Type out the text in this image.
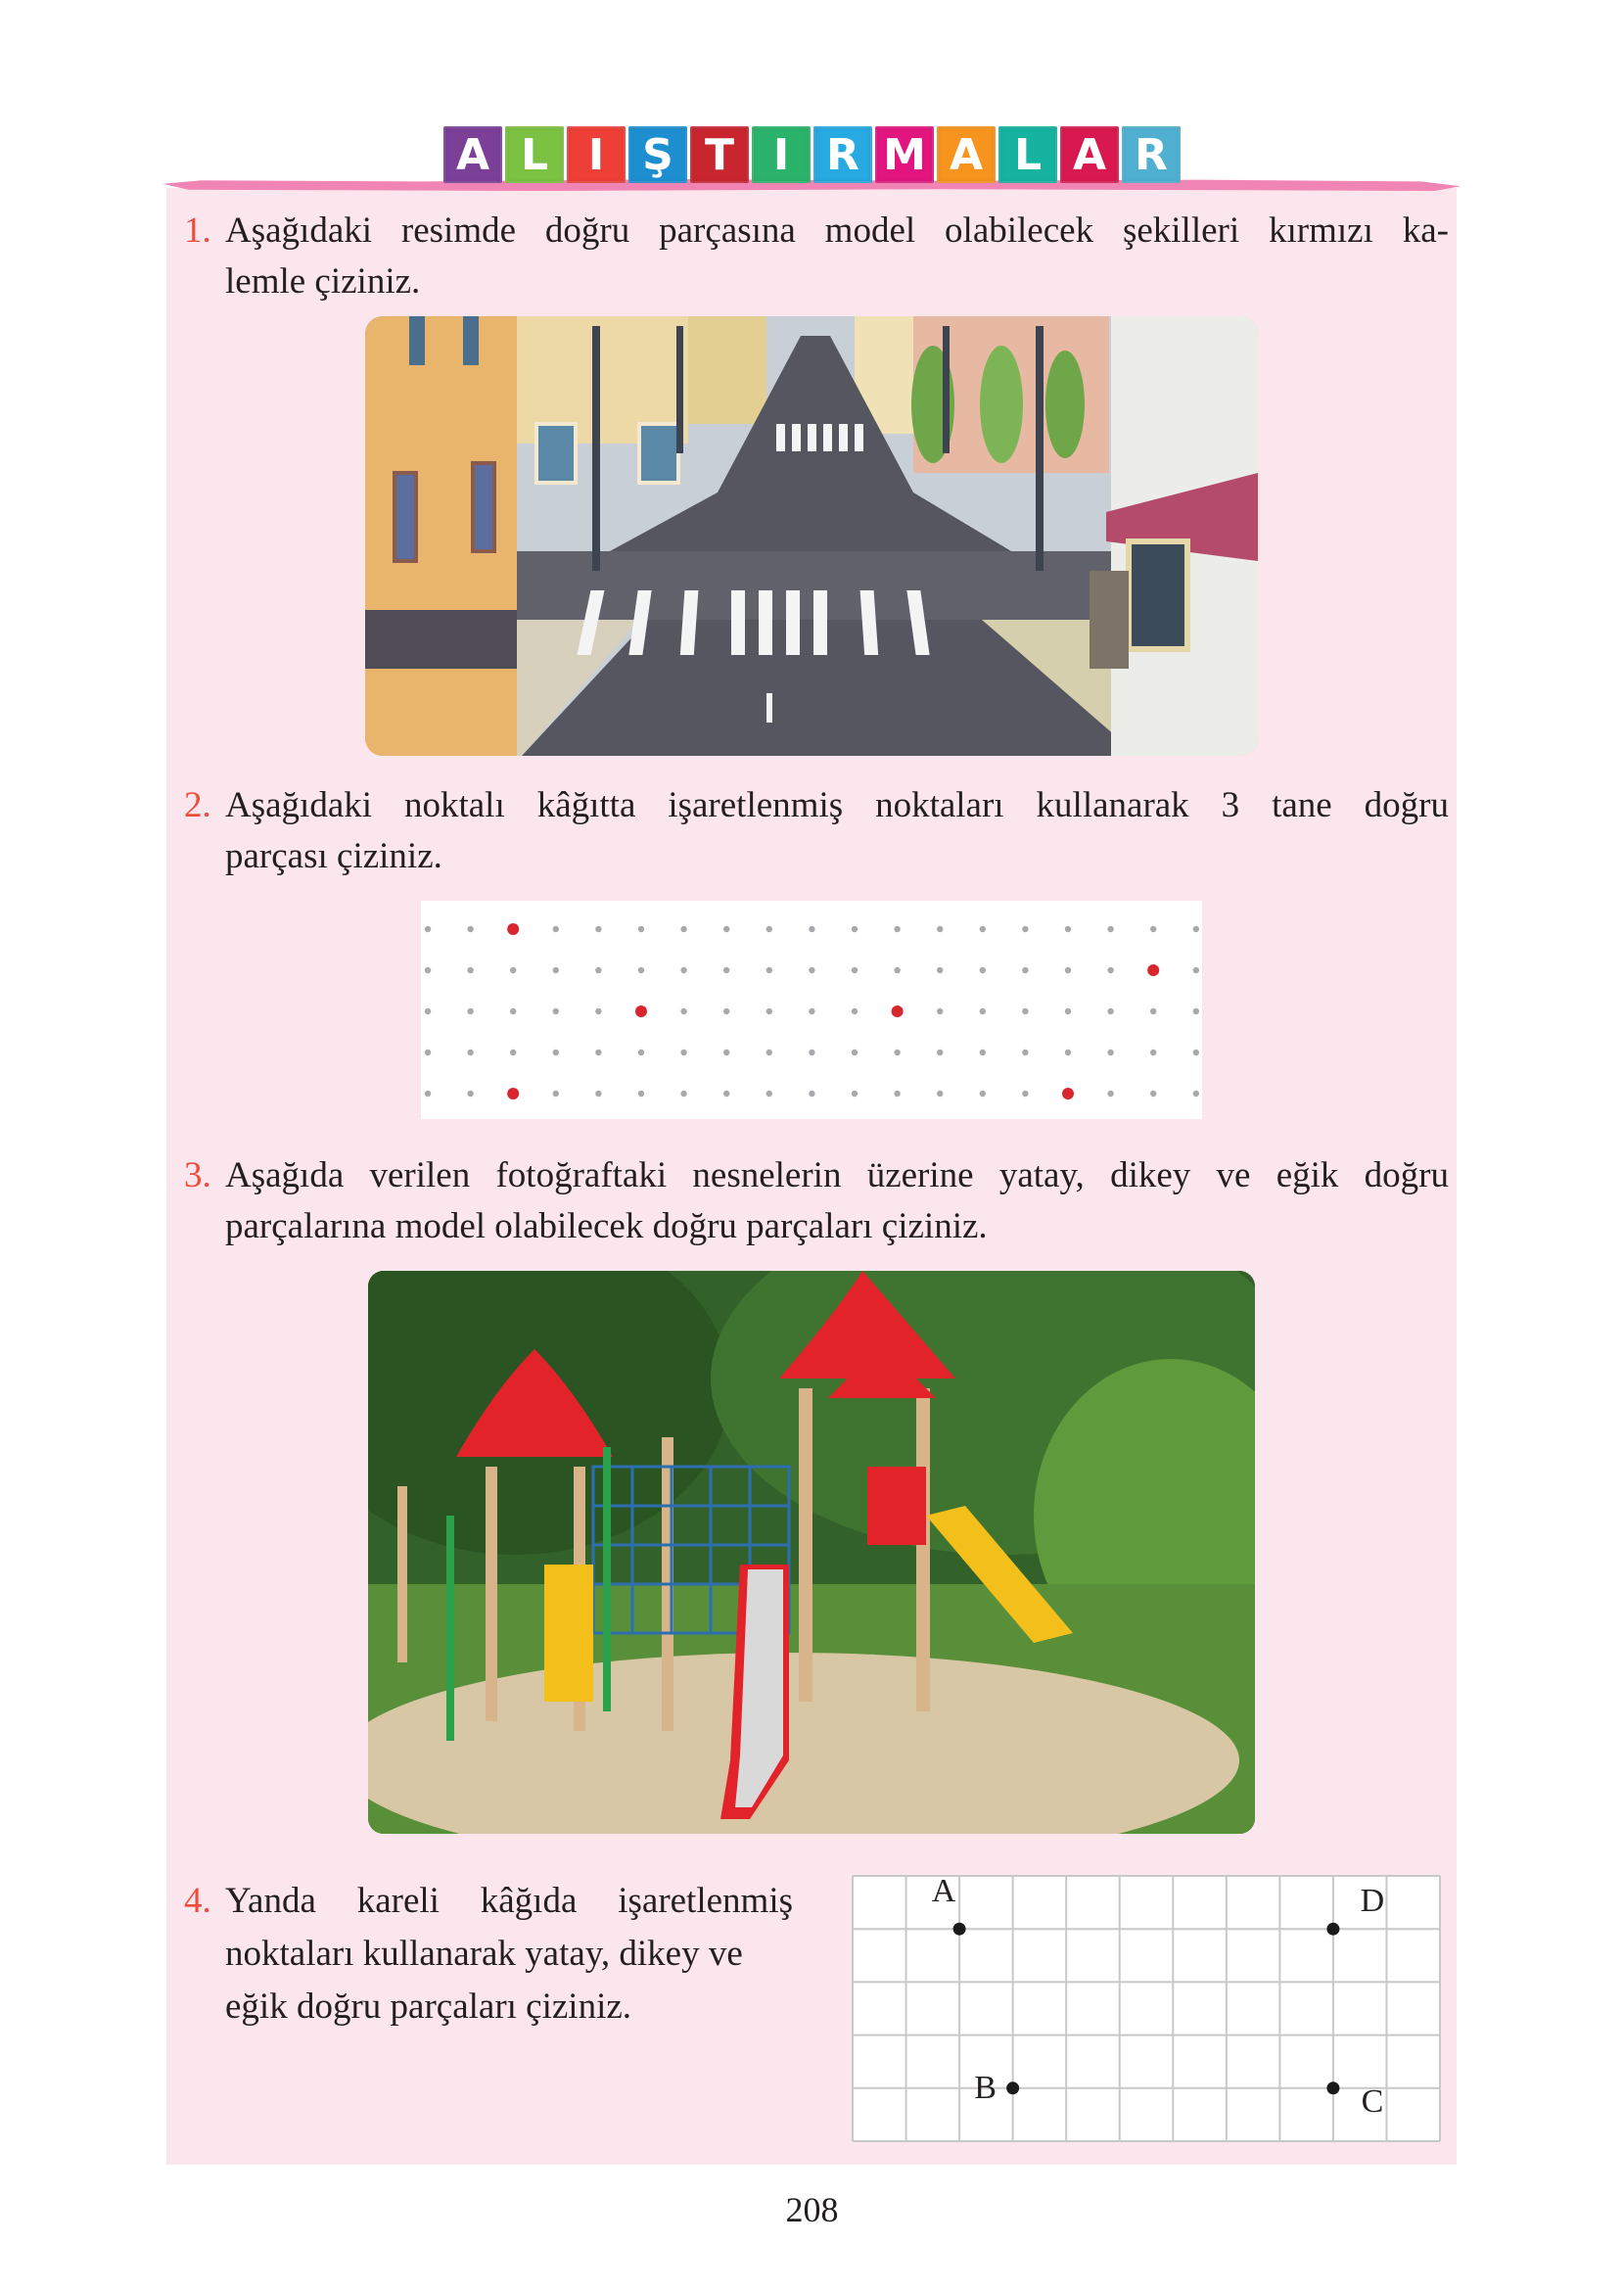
A L I Ş T I R M A L A R
1. Aşağıdaki resimde doğru parçasına model olabilecek şekilleri kırmızı ka-

lemle çiziniz.

2. Aşağıdaki noktalı kâğıtta işaretlenmiş noktaları kullanarak 3 tane doğru

parçası çiziniz.

3. Aşağıda verilen fotoğraftaki nesnelerin üzerine yatay, dikey ve eğik doğru

parçalarına model olabilecek doğru parçaları çiziniz.

4. Yanda kareli kâğıda işaretlenmiş

noktaları kullanarak yatay, dikey ve

eğik doğru parçaları çiziniz.

A	D
B	C
208
